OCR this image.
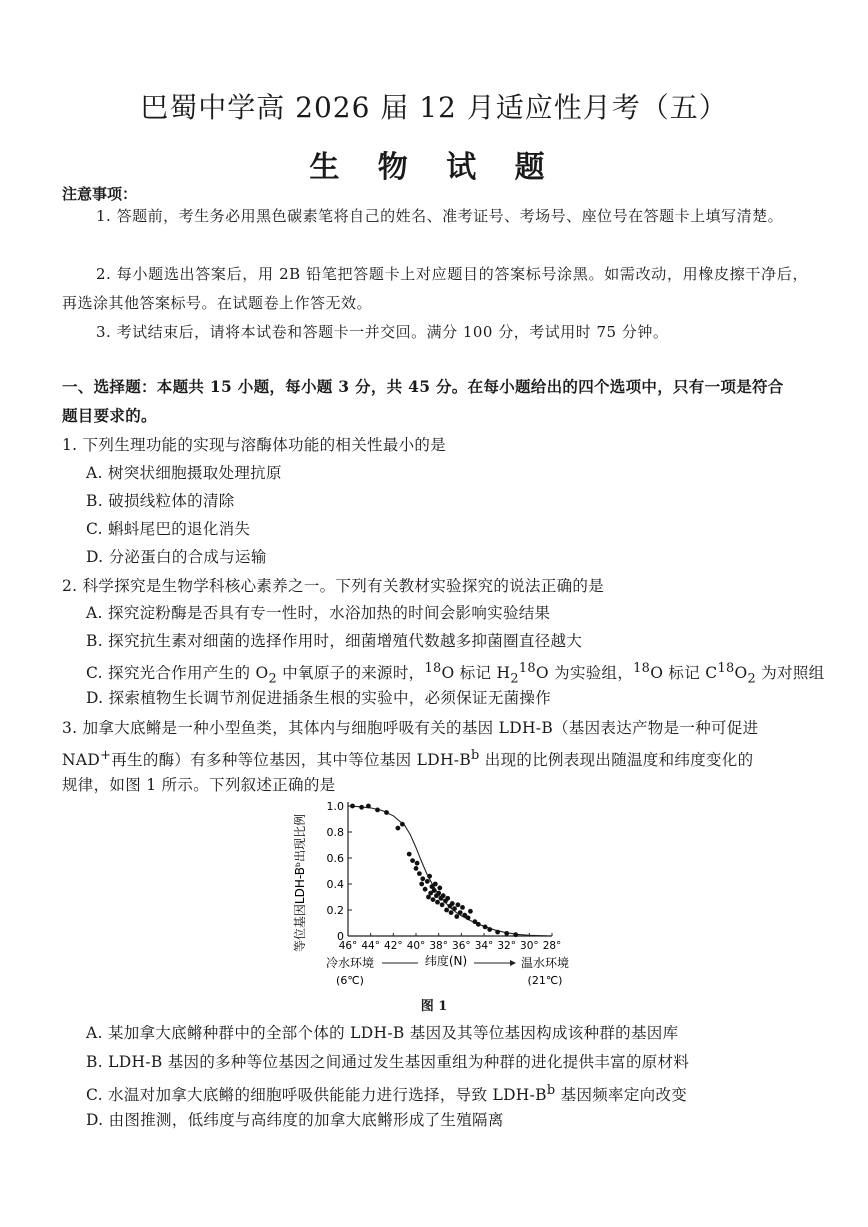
巴蜀中学高 2026 届 12 月适应性月考（五）
生 物 试 题
注意事项：
1. 答题前，考生务必用黑色碳素笔将自己的姓名、准考证号、考场号、座位号在答题卡上填写清楚。
2. 每小题选出答案后，用 2B 铅笔把答题卡上对应题目的答案标号涂黑。如需改动，用橡皮擦干净后，再选涂其他答案标号。在试题卷上作答无效。
3. 考试结束后，请将本试卷和答题卡一并交回。满分 100 分，考试用时 75 分钟。
一、选择题：本题共 15 小题，每小题 3 分，共 45 分。在每小题给出的四个选项中，只有一项是符合
题目要求的。
1. 下列生理功能的实现与溶酶体功能的相关性最小的是
A. 树突状细胞摄取处理抗原
B. 破损线粒体的清除
C. 蝌蚪尾巴的退化消失
D. 分泌蛋白的合成与运输
2. 科学探究是生物学科核心素养之一。下列有关教材实验探究的说法正确的是
A. 探究淀粉酶是否具有专一性时，水浴加热的时间会影响实验结果
B. 探究抗生素对细菌的选择作用时，细菌增殖代数越多抑菌圈直径越大
C. 探究光合作用产生的 $O_2$ 中氧原子的来源时，$^{18}$O 标记 $H_2^{18}O$ 为实验组，$^{18}$O 标记 $C^{18}O_2$ 为对照组
D. 探索植物生长调节剂促进插条生根的实验中，必须保证无菌操作
3. 加拿大底鳉是一种小型鱼类，其体内与细胞呼吸有关的基因 LDH-B（基因表达产物是一种可促进
NAD+再生的酶）有多种等位基因，其中等位基因 LDH-$B^b$ 出现的比例表现出随温度和纬度变化的
规律，如图 1 所示。下列叙述正确的是
0
0.2
0.4
0.6
0.8
1.0
46° 44° 42° 40° 38° 36° 34° 32° 30° 28°
等位基因LDH-Bᵇ出现比例
纬度(N)
冷水环境
(6℃)
温水环境
(21℃)
图 1
A. 某加拿大底鳉种群中的全部个体的 LDH-B 基因及其等位基因构成该种群的基因库
B. LDH-B 基因的多种等位基因之间通过发生基因重组为种群的进化提供丰富的原材料
C. 水温对加拿大底鳉的细胞呼吸供能能力进行选择，导致 LDH-$B^b$ 基因频率定向改变
D. 由图推测，低纬度与高纬度的加拿大底鳉形成了生殖隔离
